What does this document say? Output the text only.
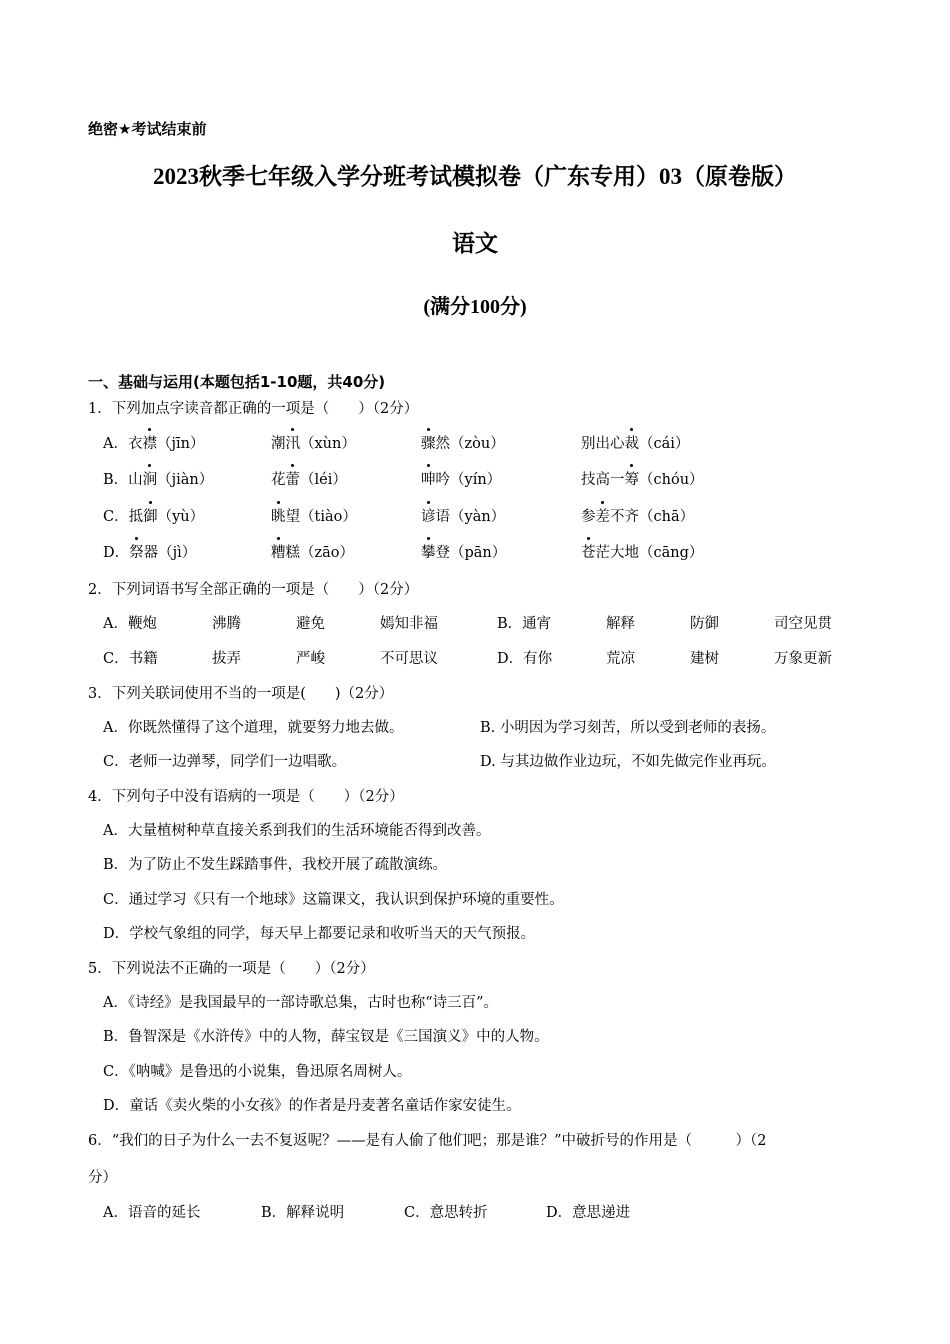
绝密★考试结束前
2023秋季七年级入学分班考试模拟卷（广东专用）03（原卷版）
语文
(满分100分)
一、基础与运用(本题包括1-10题，共40分)
1．下列加点字读音都正确的一项是（　　）（2分）
A．衣襟（jīn）	潮汛（xùn）	骤然（zòu）	别出心裁（cái）
B．山涧（jiàn）	花蕾（léi）	呻吟（yín）	技高一筹（chóu）
C．抵御（yù）	眺望（tiào）	谚语（yàn）	参差不齐（chā）
D．祭器（jì）	糟糕（zāo）	攀登（pān）	苍茫大地（cāng）
2．下列词语书写全部正确的一项是（　　）（2分）
A．鞭炮	沸腾	避免	嫣知非福	B．通宵	解释	防御	司空见贯
C．书籍	拔弄	严峻	不可思议	D．有你	荒凉	建树	万象更新
3．下列关联词使用不当的一项是(　　)（2分）
A．你既然懂得了这个道理，就要努力地去做。	B. 小明因为学习刻苦，所以受到老师的表扬。
C．老师一边弹琴，同学们一边唱歌。	D. 与其边做作业边玩，不如先做完作业再玩。
4．下列句子中没有语病的一项是（　　）（2分）
A．大量植树种草直接关系到我们的生活环境能否得到改善。
B．为了防止不发生踩踏事件，我校开展了疏散演练。
C．通过学习《只有一个地球》这篇课文，我认识到保护环境的重要性。
D．学校气象组的同学，每天早上都要记录和收听当天的天气预报。
5．下列说法不正确的一项是（　　）（2分）
A．《诗经》是我国最早的一部诗歌总集，古时也称“诗三百”。
B．鲁智深是《水浒传》中的人物，薛宝钗是《三国演义》中的人物。
C．《呐喊》是鲁迅的小说集，鲁迅原名周树人。
D．童话《卖火柴的小女孩》的作者是丹麦著名童话作家安徒生。
6．“我们的日子为什么一去不复返呢？——是有人偷了他们吧；那是谁？”中破折号的作用是（　　　）（2
分）
A．语音的延长	B．解释说明	C．意思转折	D．意思递进
